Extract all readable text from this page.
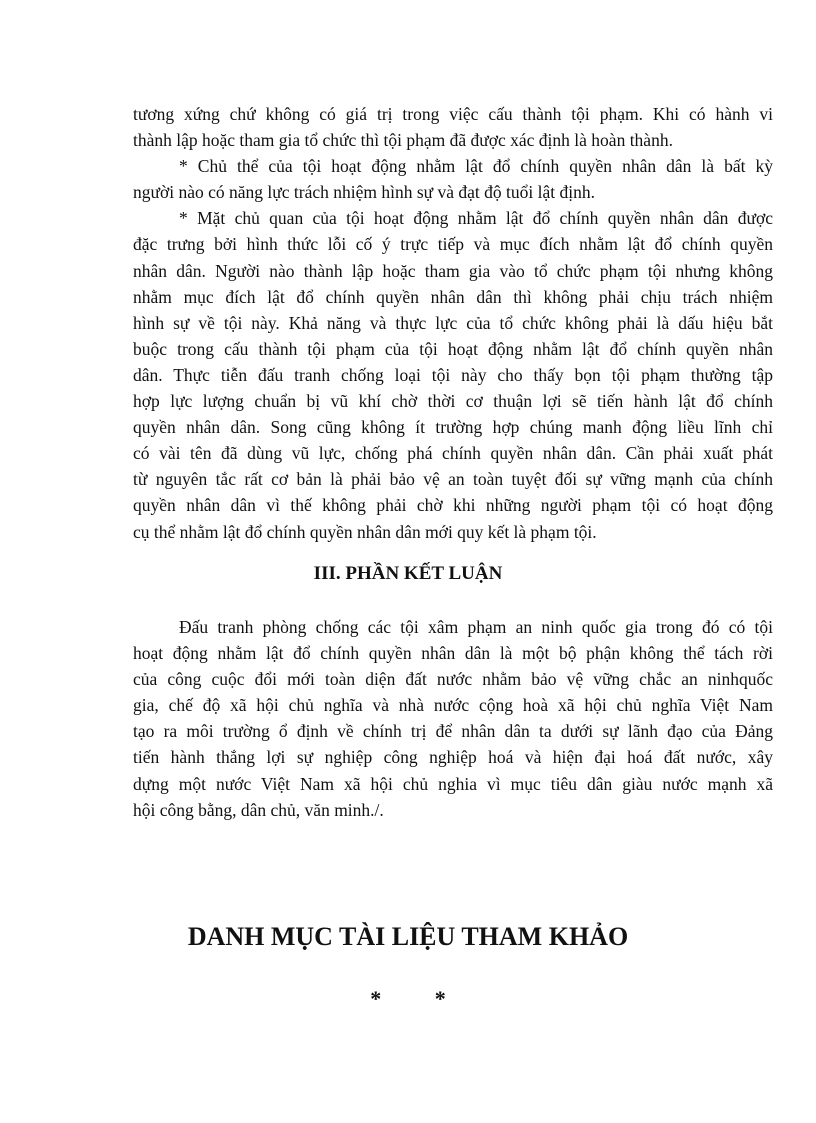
tương xứng chứ không có giá trị trong việc cấu thành tội phạm. Khi có hành vi
thành lập hoặc tham gia tổ chức thì tội phạm đã được xác định là hoàn thành.
* Chủ thể của tội hoạt động nhằm lật đổ chính quyền nhân dân là bất kỳ
người nào có năng lực trách nhiệm hình sự và đạt độ tuổi lật định.
* Mặt chủ quan của tội hoạt động nhằm lật đổ chính quyền nhân dân được
đặc trưng bởi hình thức lỗi cố ý trực tiếp và mục đích nhằm lật đổ chính quyền
nhân dân. Người nào thành lập hoặc tham gia vào tổ chức phạm tội nhưng không
nhằm mục đích lật đổ chính quyền nhân dân thì không phải chịu trách nhiệm
hình sự về tội này. Khả năng và thực lực của tổ chức không phải là dấu hiệu bắt
buộc trong cấu thành tội phạm của tội hoạt động nhằm lật đổ chính quyền nhân
dân. Thực tiễn đấu tranh chống loại tội này cho thấy bọn tội phạm thường tập
hợp lực lượng chuẩn bị vũ khí chờ thời cơ thuận lợi sẽ tiến hành lật đổ chính
quyền nhân dân. Song cũng không ít trường hợp chúng manh động liều lĩnh chỉ
có vài tên đã dùng vũ lực, chống phá chính quyền nhân dân. Cần phải xuất phát
từ nguyên tắc rất cơ bản là phải bảo vệ an toàn tuyệt đối sự vững mạnh của chính
quyền nhân dân vì thế không phải chờ khi những người phạm tội có hoạt động
cụ thể nhằm lật đổ chính quyền nhân dân mới quy kết là phạm tội.
III. PHẦN KẾT LUẬN
Đấu tranh phòng chống các tội xâm phạm an ninh quốc gia trong đó có tội
hoạt động nhằm lật đổ chính quyền nhân dân là một bộ phận không thể tách rời
của công cuộc đổi mới toàn diện đất nước nhằm bảo vệ vững chắc an ninhquốc
gia, chế độ xã hội chủ nghĩa và nhà nước cộng hoà xã hội chủ nghĩa Việt Nam
tạo ra môi trường ổ định về chính trị để nhân dân ta dưới sự lãnh đạo của Đảng
tiến hành thắng lợi sự nghiệp công nghiệp hoá và hiện đại hoá đất nước, xây
dựng một nước Việt Nam xã hội chủ nghia vì mục tiêu dân giàu nước mạnh xã
hội công bằng, dân chủ, văn minh./.
DANH MỤC TÀI LIỆU THAM KHẢO
* *
